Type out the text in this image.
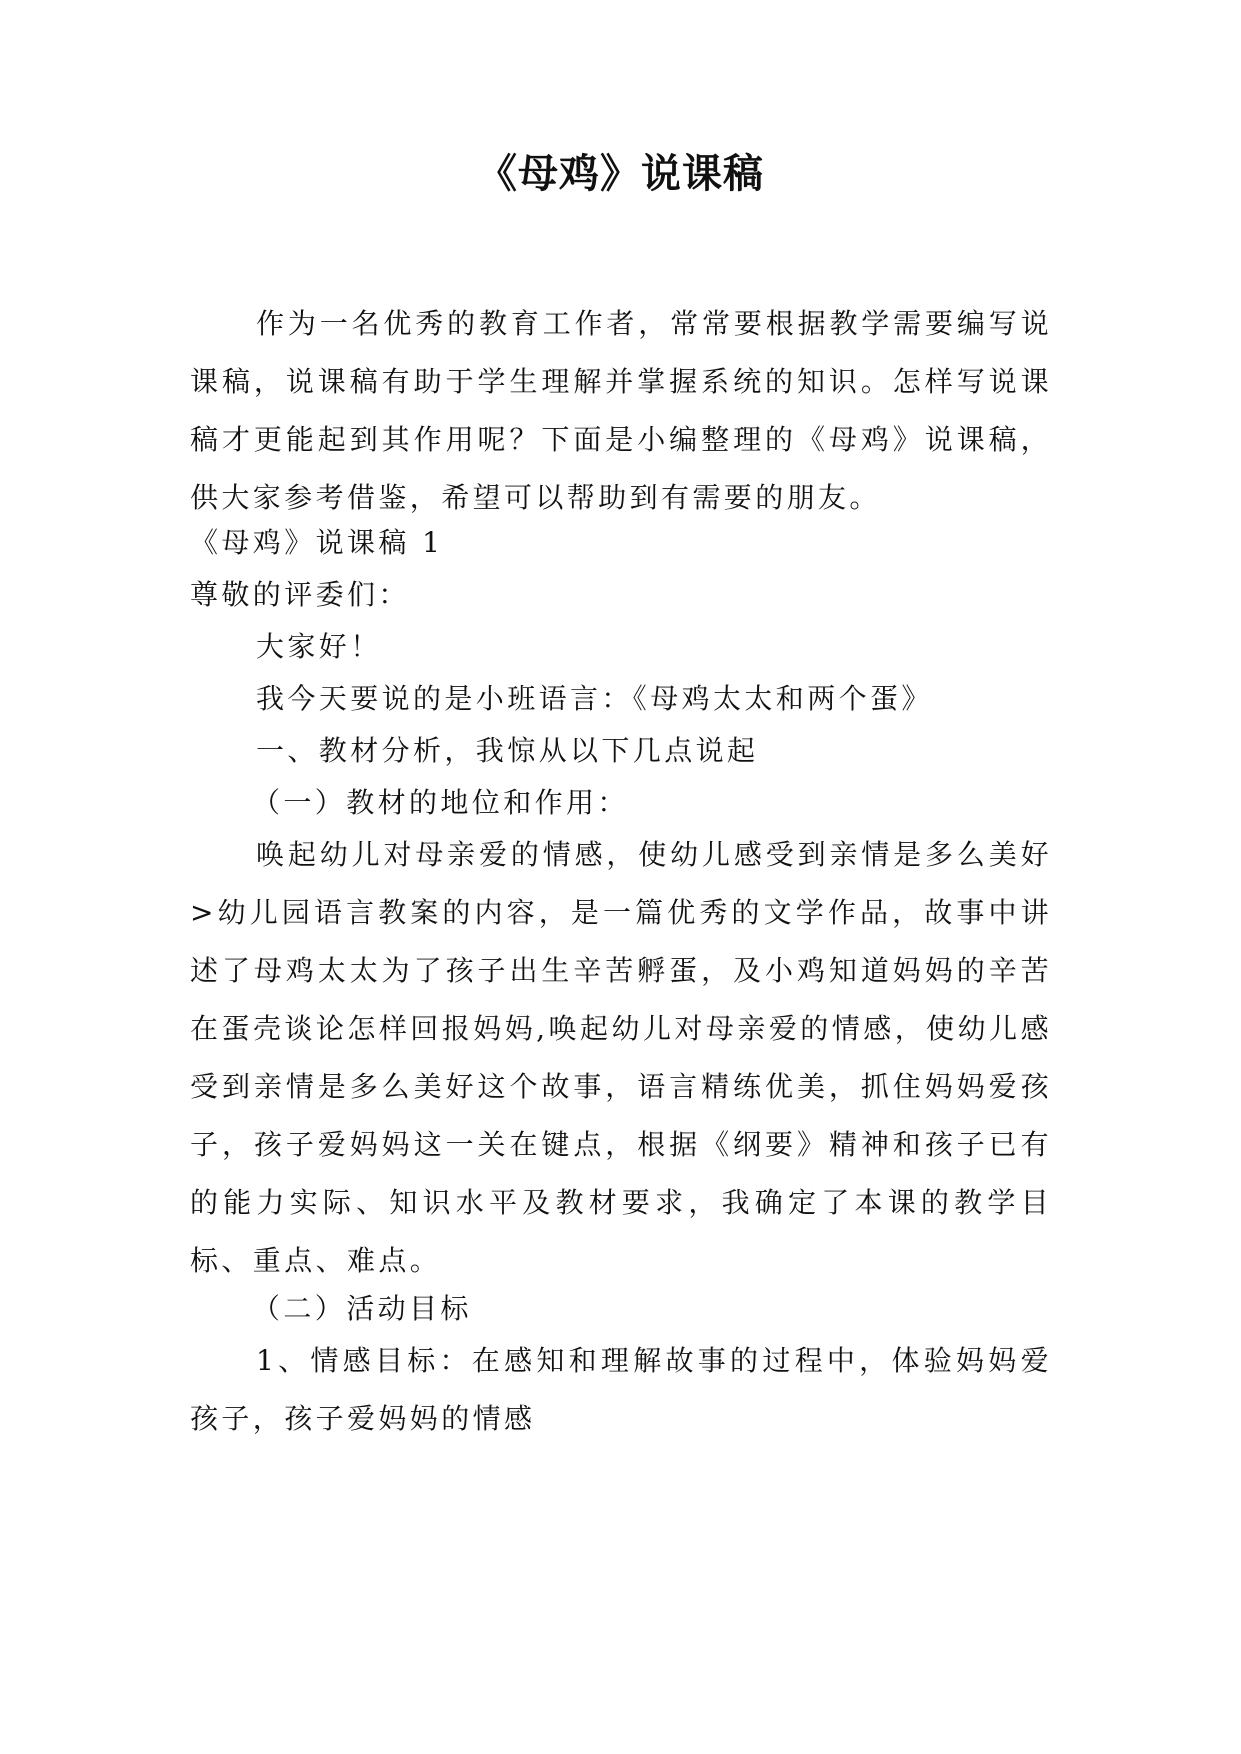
《母鸡》说课稿

作为一名优秀的教育工作者，常常要根据教学需要编写说课稿，说课稿有助于学生理解并掌握系统的知识。怎样写说课稿才更能起到其作用呢？下面是小编整理的《母鸡》说课稿，供大家参考借鉴，希望可以帮助到有需要的朋友。

《母鸡》说课稿 1

尊敬的评委们：

大家好！

我今天要说的是小班语言：《母鸡太太和两个蛋》

一、教材分析，我惊从以下几点说起

（一）教材的地位和作用：

唤起幼儿对母亲爱的情感，使幼儿感受到亲情是多么美好>幼儿园语言教案的内容，是一篇优秀的文学作品，故事中讲述了母鸡太太为了孩子出生辛苦孵蛋，及小鸡知道妈妈的辛苦在蛋壳谈论怎样回报妈妈,唤起幼儿对母亲爱的情感，使幼儿感受到亲情是多么美好这个故事，语言精练优美，抓住妈妈爱孩子，孩子爱妈妈这一关在键点，根据《纲要》精神和孩子已有的能力实际、知识水平及教材要求，我确定了本课的教学目标、重点、难点。

（二）活动目标

1、情感目标：在感知和理解故事的过程中，体验妈妈爱孩子，孩子爱妈妈的情感
